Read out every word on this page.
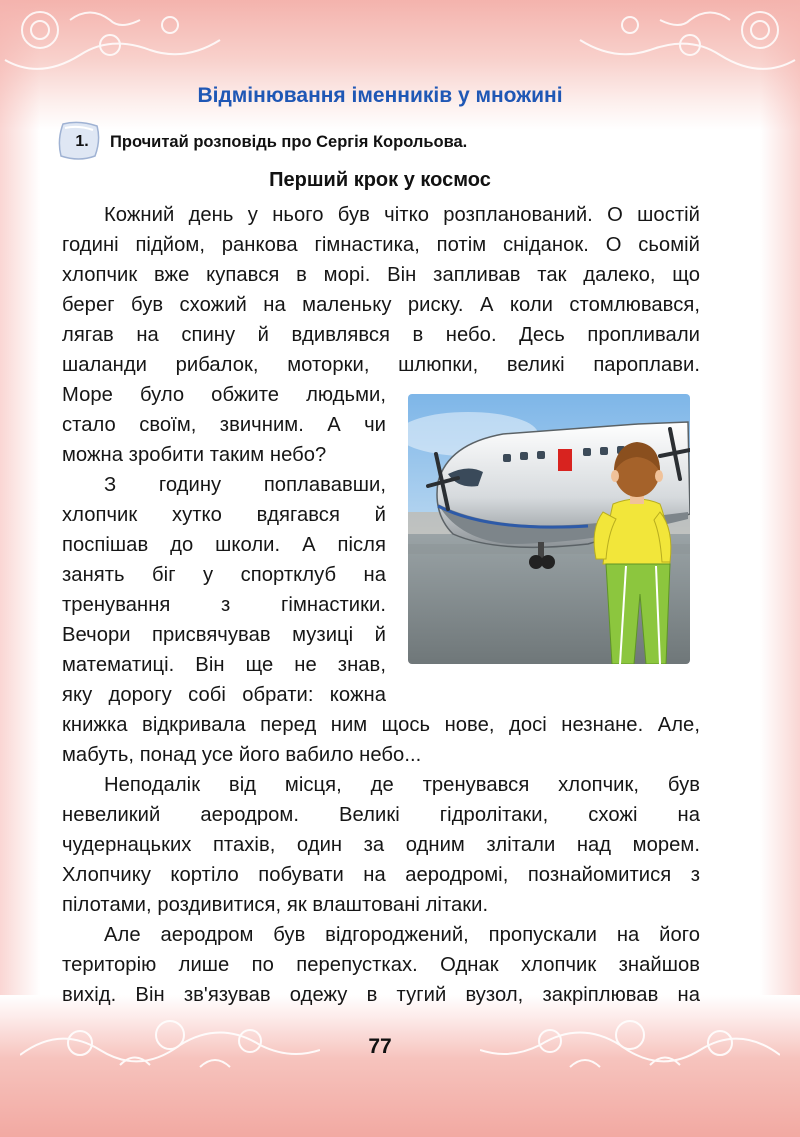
Відмінювання іменників у множині
1.	Прочитай розповідь про Сергія Корольова.
Перший крок у космос
Кожний день у нього був чітко розпланований. О шостій
годині підйом, ранкова гімнастика, потім сніданок. О сьомій
хлопчик вже купався в морі. Він запливав так далеко, що
берег був схожий на маленьку риску. А коли стомлювався,
лягав на спину й вдивлявся в небо. Десь пропливали
шаланди рибалок, моторки, шлюпки, великі пароплави.
Море було обжите людьми,
стало своїм, звичним. А чи
можна зробити таким небо?
З годину поплававши,
хлопчик хутко вдягався й
поспішав до школи. А після
занять біг у спортклуб на
тренування з гімнастики.
Вечори присвячував музиці й
математиці. Він ще не знав,
яку дорогу собі обрати: кожна
книжка відкривала перед ним щось нове, досі незнане. Але,
мабуть, понад усе його вабило небо...
Неподалік від місця, де тренувався хлопчик, був
невеликий аеродром. Великі гідролітаки, схожі на
чудернацьких птахів, один за одним злітали над морем.
Хлопчику кортіло побувати на аеродромі, познайомитися з
пілотами, роздивитися, як влаштовані літаки.
Але аеродром був відгороджений, пропускали на його
територію лише по перепустках. Однак хлопчик знайшов
вихід. Він зв'язував одежу в тугий вузол, закріплював на
77
